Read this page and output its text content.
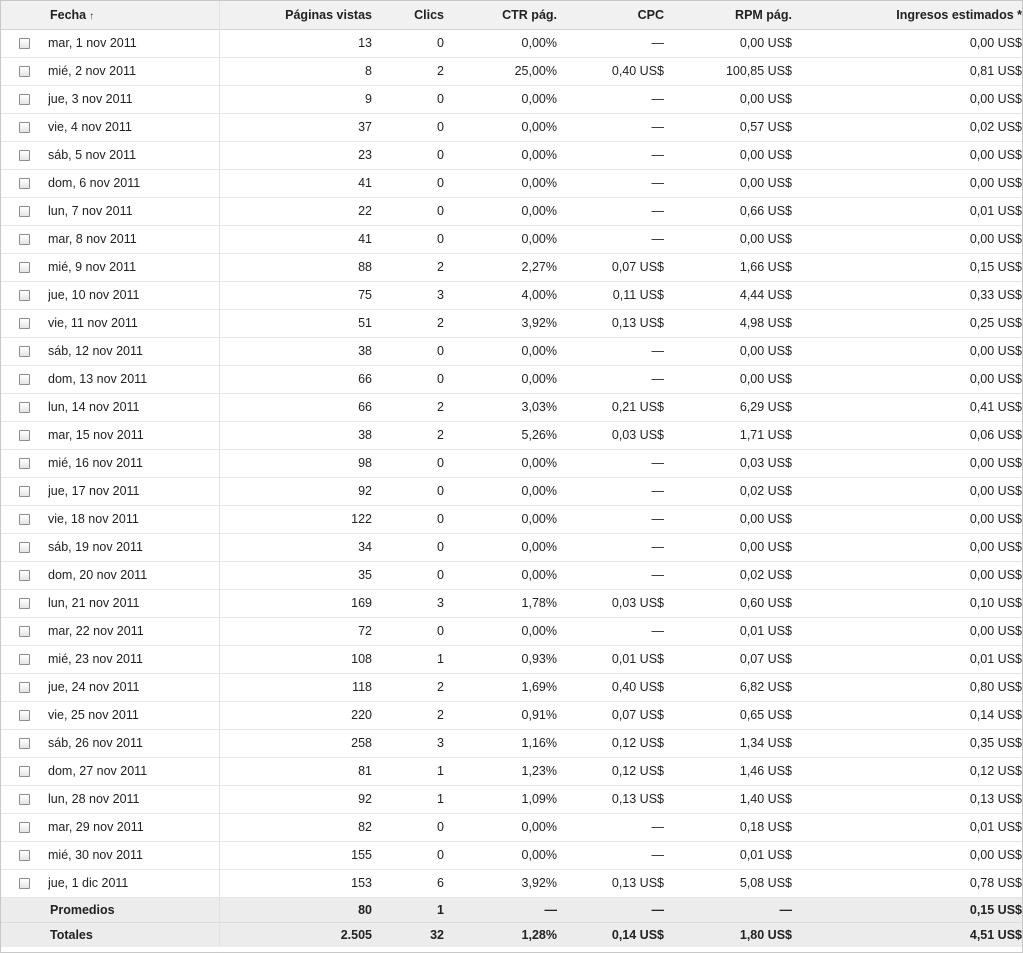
	Fecha ↑	Páginas vistas	Clics	CTR pág.	CPC	RPM pág.	Ingresos estimados *
	mar, 1 nov 2011	13	0	0,00%	—	0,00 US$	0,00 US$
	mié, 2 nov 2011	8	2	25,00%	0,40 US$	100,85 US$	0,81 US$
	jue, 3 nov 2011	9	0	0,00%	—	0,00 US$	0,00 US$
	vie, 4 nov 2011	37	0	0,00%	—	0,57 US$	0,02 US$
	sáb, 5 nov 2011	23	0	0,00%	—	0,00 US$	0,00 US$
	dom, 6 nov 2011	41	0	0,00%	—	0,00 US$	0,00 US$
	lun, 7 nov 2011	22	0	0,00%	—	0,66 US$	0,01 US$
	mar, 8 nov 2011	41	0	0,00%	—	0,00 US$	0,00 US$
	mié, 9 nov 2011	88	2	2,27%	0,07 US$	1,66 US$	0,15 US$
	jue, 10 nov 2011	75	3	4,00%	0,11 US$	4,44 US$	0,33 US$
	vie, 11 nov 2011	51	2	3,92%	0,13 US$	4,98 US$	0,25 US$
	sáb, 12 nov 2011	38	0	0,00%	—	0,00 US$	0,00 US$
	dom, 13 nov 2011	66	0	0,00%	—	0,00 US$	0,00 US$
	lun, 14 nov 2011	66	2	3,03%	0,21 US$	6,29 US$	0,41 US$
	mar, 15 nov 2011	38	2	5,26%	0,03 US$	1,71 US$	0,06 US$
	mié, 16 nov 2011	98	0	0,00%	—	0,03 US$	0,00 US$
	jue, 17 nov 2011	92	0	0,00%	—	0,02 US$	0,00 US$
	vie, 18 nov 2011	122	0	0,00%	—	0,00 US$	0,00 US$
	sáb, 19 nov 2011	34	0	0,00%	—	0,00 US$	0,00 US$
	dom, 20 nov 2011	35	0	0,00%	—	0,02 US$	0,00 US$
	lun, 21 nov 2011	169	3	1,78%	0,03 US$	0,60 US$	0,10 US$
	mar, 22 nov 2011	72	0	0,00%	—	0,01 US$	0,00 US$
	mié, 23 nov 2011	108	1	0,93%	0,01 US$	0,07 US$	0,01 US$
	jue, 24 nov 2011	118	2	1,69%	0,40 US$	6,82 US$	0,80 US$
	vie, 25 nov 2011	220	2	0,91%	0,07 US$	0,65 US$	0,14 US$
	sáb, 26 nov 2011	258	3	1,16%	0,12 US$	1,34 US$	0,35 US$
	dom, 27 nov 2011	81	1	1,23%	0,12 US$	1,46 US$	0,12 US$
	lun, 28 nov 2011	92	1	1,09%	0,13 US$	1,40 US$	0,13 US$
	mar, 29 nov 2011	82	0	0,00%	—	0,18 US$	0,01 US$
	mié, 30 nov 2011	155	0	0,00%	—	0,01 US$	0,00 US$
	jue, 1 dic 2011	153	6	3,92%	0,13 US$	5,08 US$	0,78 US$
	Promedios	80	1	—	—	—	0,15 US$
	Totales	2.505	32	1,28%	0,14 US$	1,80 US$	4,51 US$
